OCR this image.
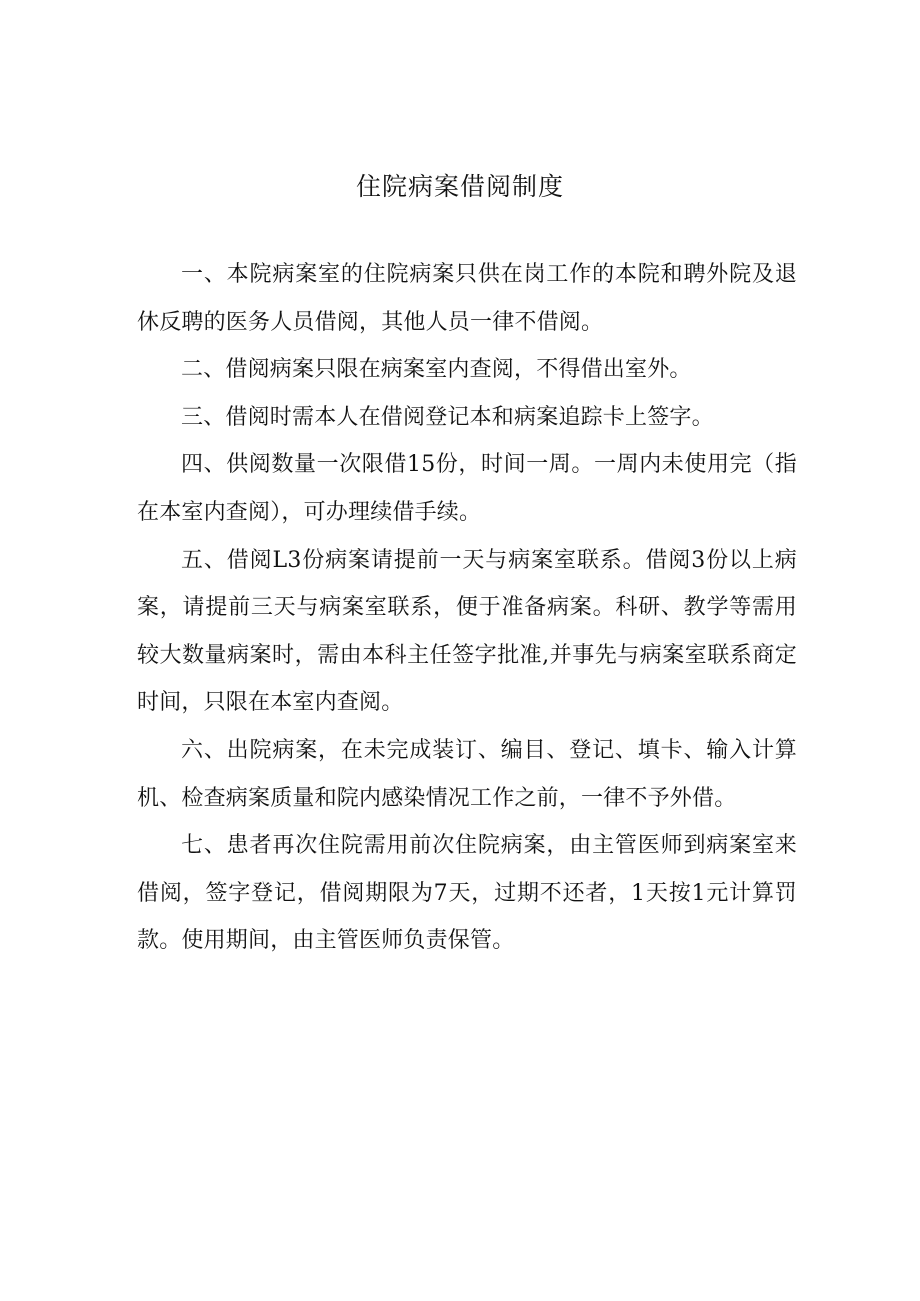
住院病案借阅制度

一、本院病案室的住院病案只供在岗工作的本院和聘外院及退休反聘的医务人员借阅，其他人员一律不借阅。

二、借阅病案只限在病案室内查阅，不得借出室外。

三、借阅时需本人在借阅登记本和病案追踪卡上签字。

四、供阅数量一次限借15份，时间一周。一周内未使用完（指在本室内查阅），可办理续借手续。

五、借阅L3份病案请提前一天与病案室联系。借阅3份以上病案，请提前三天与病案室联系，便于准备病案。科研、教学等需用较大数量病案时，需由本科主任签字批准,并事先与病案室联系商定时间，只限在本室内查阅。

六、出院病案，在未完成装订、编目、登记、填卡、输入计算机、检查病案质量和院内感染情况工作之前，一律不予外借。

七、患者再次住院需用前次住院病案，由主管医师到病案室来借阅，签字登记，借阅期限为7天，过期不还者，1天按1元计算罚款。使用期间，由主管医师负责保管。
